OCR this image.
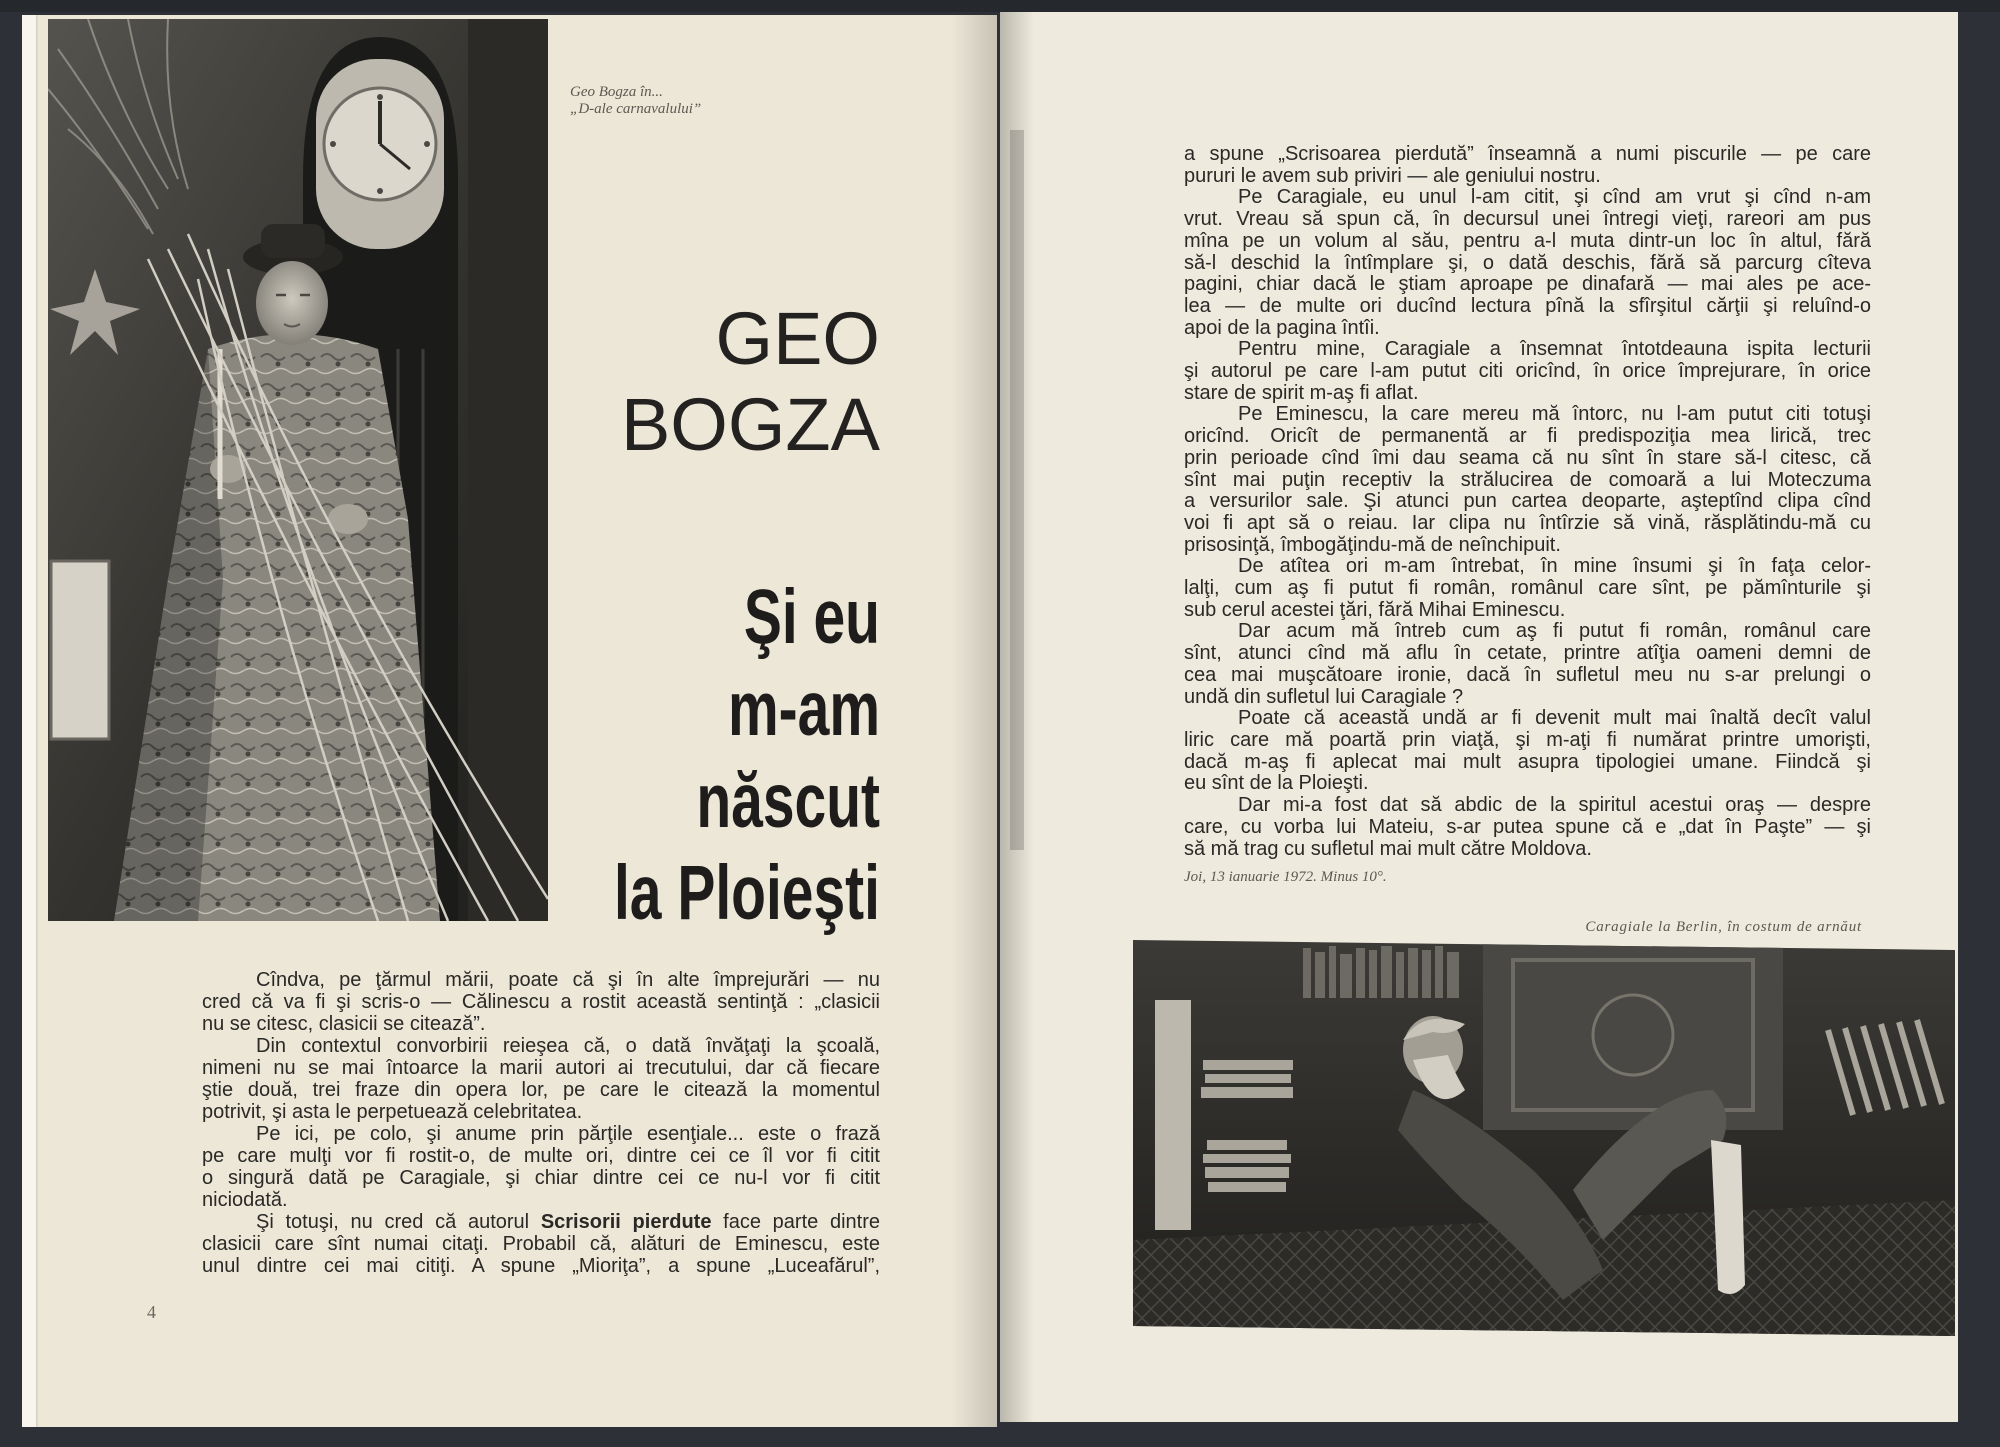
Geo Bogza în...
„D-ale carnavalului”
GEO
BOGZA
Şi eu
m-am
născut
la Ploieşti
Cîndva, pe ţărmul mării, poate că şi în alte împrejurări — nu
cred că va fi şi scris-o — Călinescu a rostit această sentinţă : „clasicii
nu se citesc, clasicii se citează”.
Din contextul convorbirii reieşea că, o dată învăţaţi la şcoală,
nimeni nu se mai întoarce la marii autori ai trecutului, dar că fiecare
ştie două, trei fraze din opera lor, pe care le citează la momentul
potrivit, şi asta le perpetuează celebritatea.
Pe ici, pe colo, şi anume prin părţile esenţiale... este o frază
pe care mulţi vor fi rostit-o, de multe ori, dintre cei ce îl vor fi citit
o singură dată pe Caragiale, şi chiar dintre cei ce nu-l vor fi citit
niciodată.
Şi totuşi, nu cred că autorul Scrisorii pierdute face parte dintre
clasicii care sînt numai citaţi. Probabil că, alături de Eminescu, este
unul dintre cei mai citiţi. A spune „Mioriţa”, a spune „Luceafărul”,
4
a spune „Scrisoarea pierdută” înseamnă a numi piscurile — pe care
pururi le avem sub priviri — ale geniului nostru.
Pe Caragiale, eu unul l-am citit, şi cînd am vrut şi cînd n-am
vrut. Vreau să spun că, în decursul unei întregi vieţi, rareori am pus
mîna pe un volum al său, pentru a-l muta dintr-un loc în altul, fără
să-l deschid la întîmplare şi, o dată deschis, fără să parcurg cîteva
pagini, chiar dacă le ştiam aproape pe dinafară — mai ales pe ace-
lea — de multe ori ducînd lectura pînă la sfîrşitul cărţii şi reluînd-o
apoi de la pagina întîi.
Pentru mine, Caragiale a însemnat întotdeauna ispita lecturii
şi autorul pe care l-am putut citi oricînd, în orice împrejurare, în orice
stare de spirit m-aş fi aflat.
Pe Eminescu, la care mereu mă întorc, nu l-am putut citi totuşi
oricînd. Oricît de permanentă ar fi predispoziţia mea lirică, trec
prin perioade cînd îmi dau seama că nu sînt în stare să-l citesc, că
sînt mai puţin receptiv la strălucirea de comoară a lui Moteczuma
a versurilor sale. Şi atunci pun cartea deoparte, aşteptînd clipa cînd
voi fi apt să o reiau. Iar clipa nu întîrzie să vină, răsplătindu-mă cu
prisosinţă, îmbogăţindu-mă de neînchipuit.
De atîtea ori m-am întrebat, în mine însumi şi în faţa celor-
lalţi, cum aş fi putut fi român, românul care sînt, pe pămînturile şi
sub cerul acestei ţări, fără Mihai Eminescu.
Dar acum mă întreb cum aş fi putut fi român, românul care
sînt, atunci cînd mă aflu în cetate, printre atîţia oameni demni de
cea mai muşcătoare ironie, dacă în sufletul meu nu s-ar prelungi o
undă din sufletul lui Caragiale ?
Poate că această undă ar fi devenit mult mai înaltă decît valul
liric care mă poartă prin viaţă, şi m-aţi fi numărat printre umorişti,
dacă m-aş fi aplecat mai mult asupra tipologiei umane. Fiindcă şi
eu sînt de la Ploieşti.
Dar mi-a fost dat să abdic de la spiritul acestui oraş — despre
care, cu vorba lui Mateiu, s-ar putea spune că e „dat în Paşte” — şi
să mă trag cu sufletul mai mult către Moldova.
Joi, 13 ianuarie 1972. Minus 10°.
Caragiale la Berlin, în costum de arnăut
